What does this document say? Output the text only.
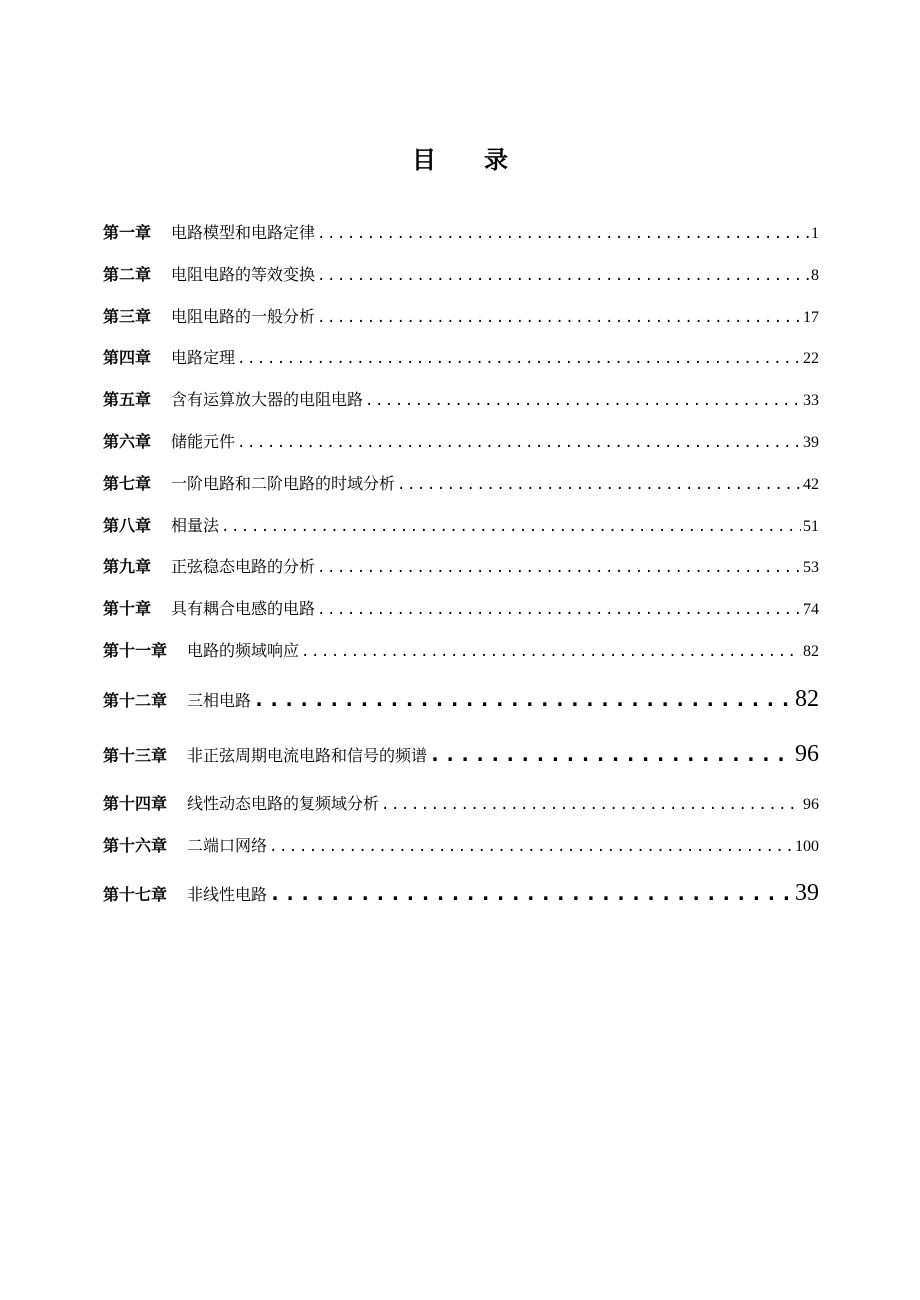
目 录
第一章 电路模型和电路定律 .....	1
第二章 电阻电路的等效变换 .....	8
第三章 电阻电路的一般分析 .....	17
第四章 电路定理 .....	22
第五章 含有运算放大器的电阻电路 .....	33
第六章 储能元件 .....	39
第七章 一阶电路和二阶电路的时域分析 .....	42
第八章 相量法 .....	51
第九章 正弦稳态电路的分析 .....	53
第十章 具有耦合电感的电路 .....	74
第十一章 电路的频域响应 .....	82
第十二章 三相电路 .....	82
第十三章 非正弦周期电流电路和信号的频谱 .....	96
第十四章 线性动态电路的复频域分析 .....	96
第十六章 二端口网络 .....	100
第十七章 非线性电路 .....	39
